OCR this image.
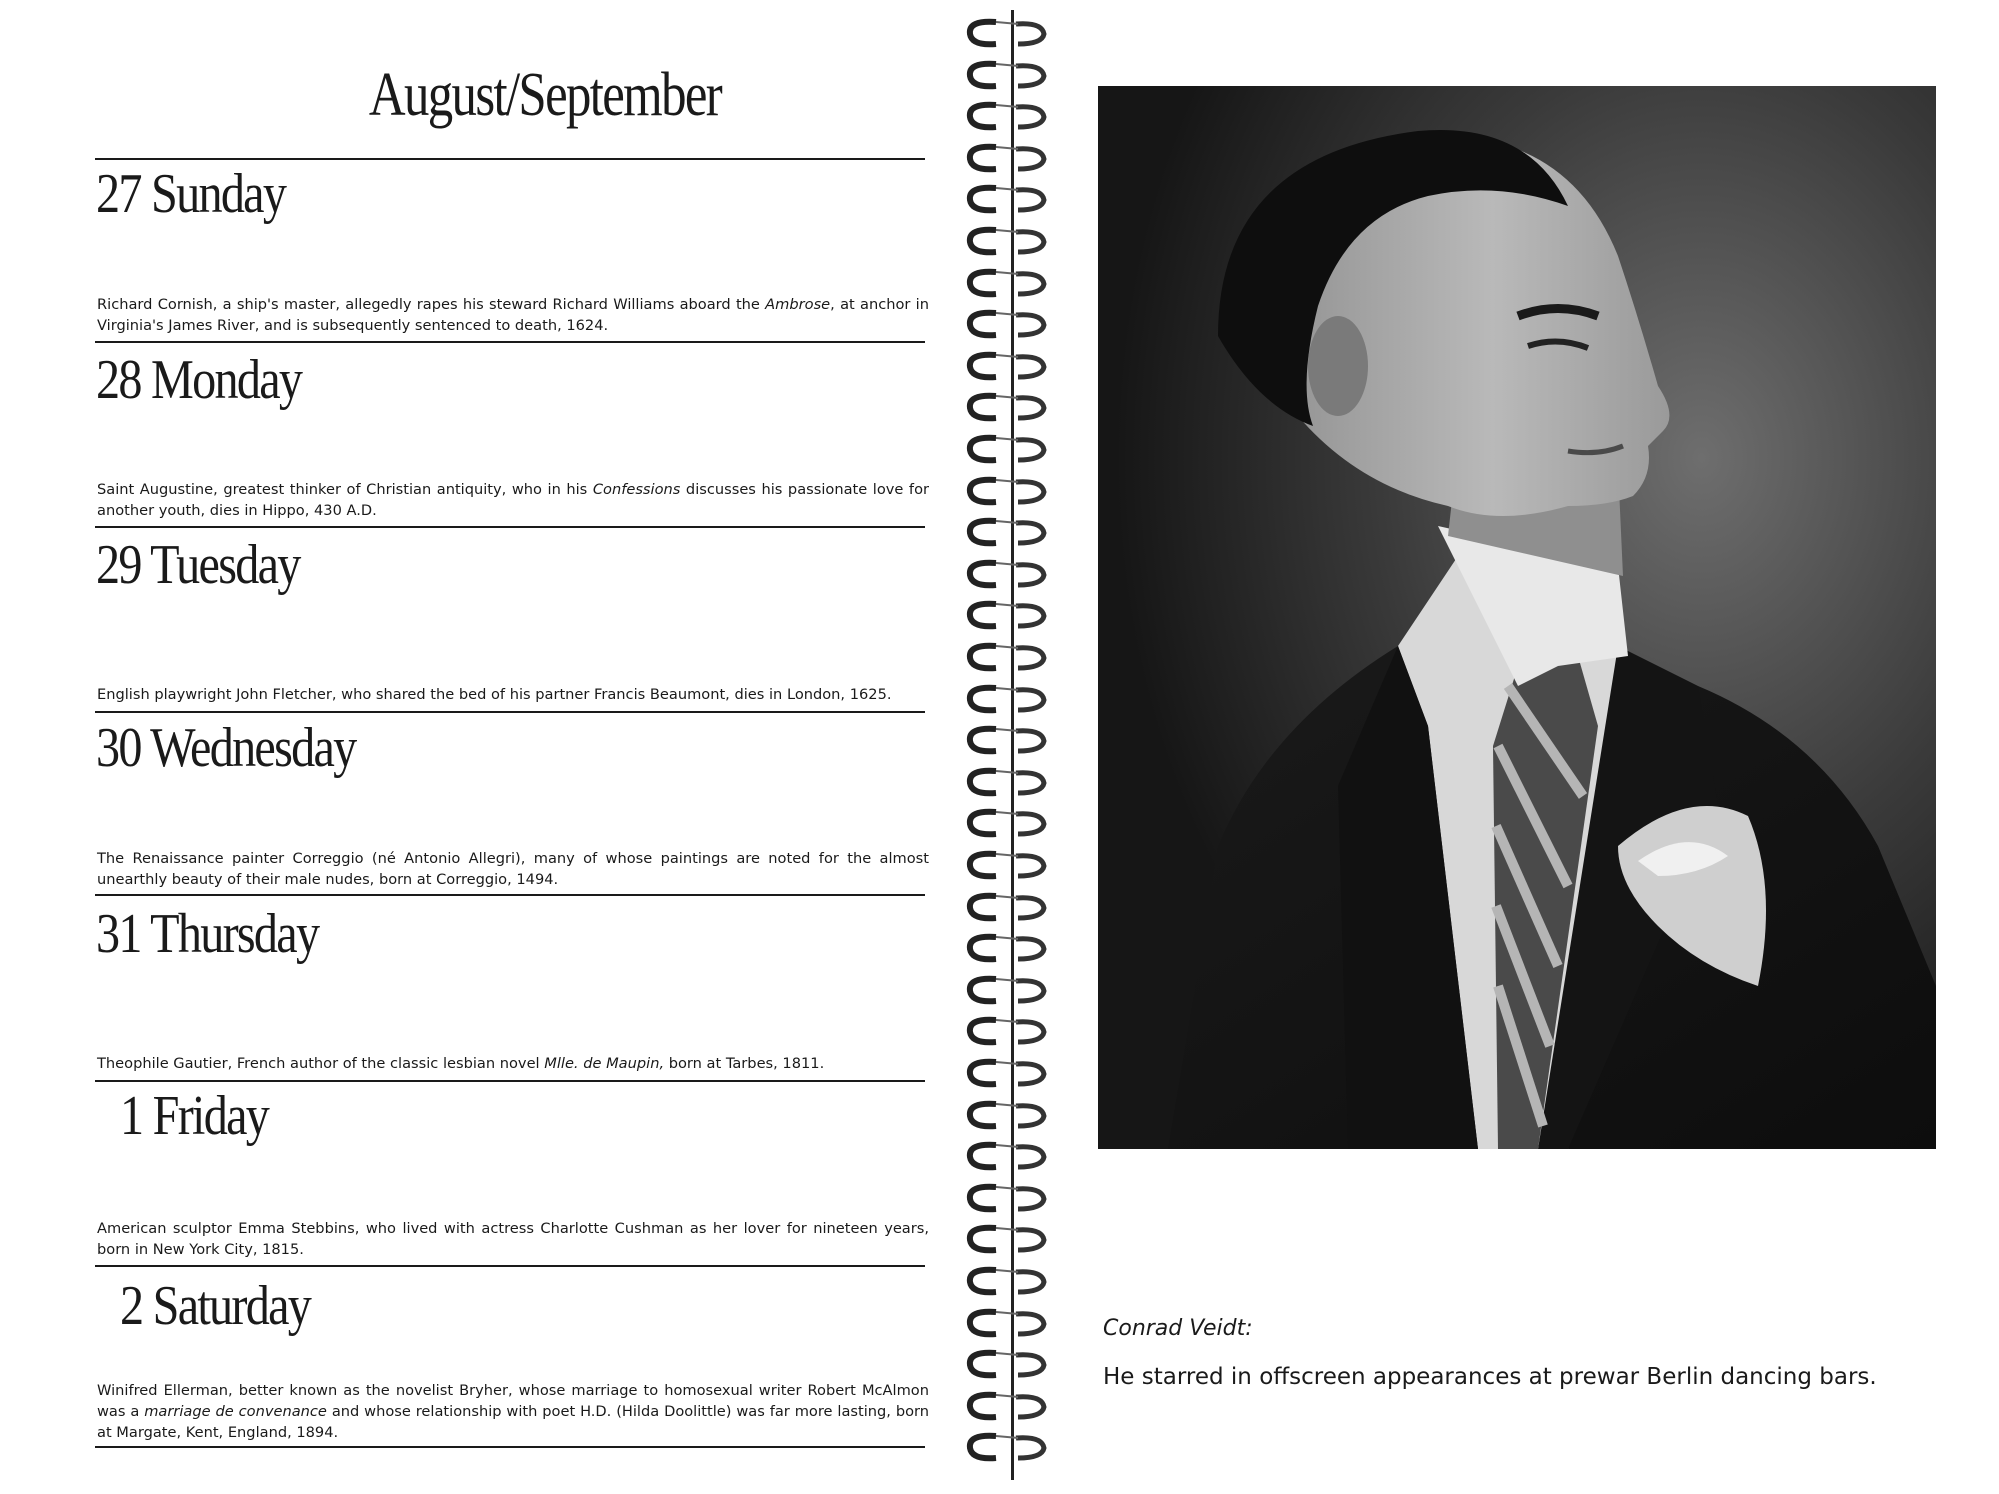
August/September
27 Sunday
Richard Cornish, a ship's master, allegedly rapes his steward Richard Williams aboard the Ambrose, at anchor in Virginia's James River, and is subsequently sentenced to death, 1624.
28 Monday
Saint Augustine, greatest thinker of Christian antiquity, who in his Confessions discusses his passionate love for another youth, dies in Hippo, 430 A.D.
29 Tuesday
English playwright John Fletcher, who shared the bed of his partner Francis Beaumont, dies in London, 1625.
30 Wednesday
The Renaissance painter Correggio (né Antonio Allegri), many of whose paintings are noted for the almost unearthly beauty of their male nudes, born at Correggio, 1494.
31 Thursday
Theophile Gautier, French author of the classic lesbian novel Mlle. de Maupin, born at Tarbes, 1811.
1 Friday
American sculptor Emma Stebbins, who lived with actress Charlotte Cushman as her lover for nineteen years, born in New York City, 1815.
2 Saturday
Winifred Ellerman, better known as the novelist Bryher, whose marriage to homosexual writer Robert McAlmon was a marriage de convenance and whose relationship with poet H.D. (Hilda Doolittle) was far more lasting, born at Margate, Kent, England, 1894.
Conrad Veidt:
He starred in offscreen appearances at prewar Berlin dancing bars.
